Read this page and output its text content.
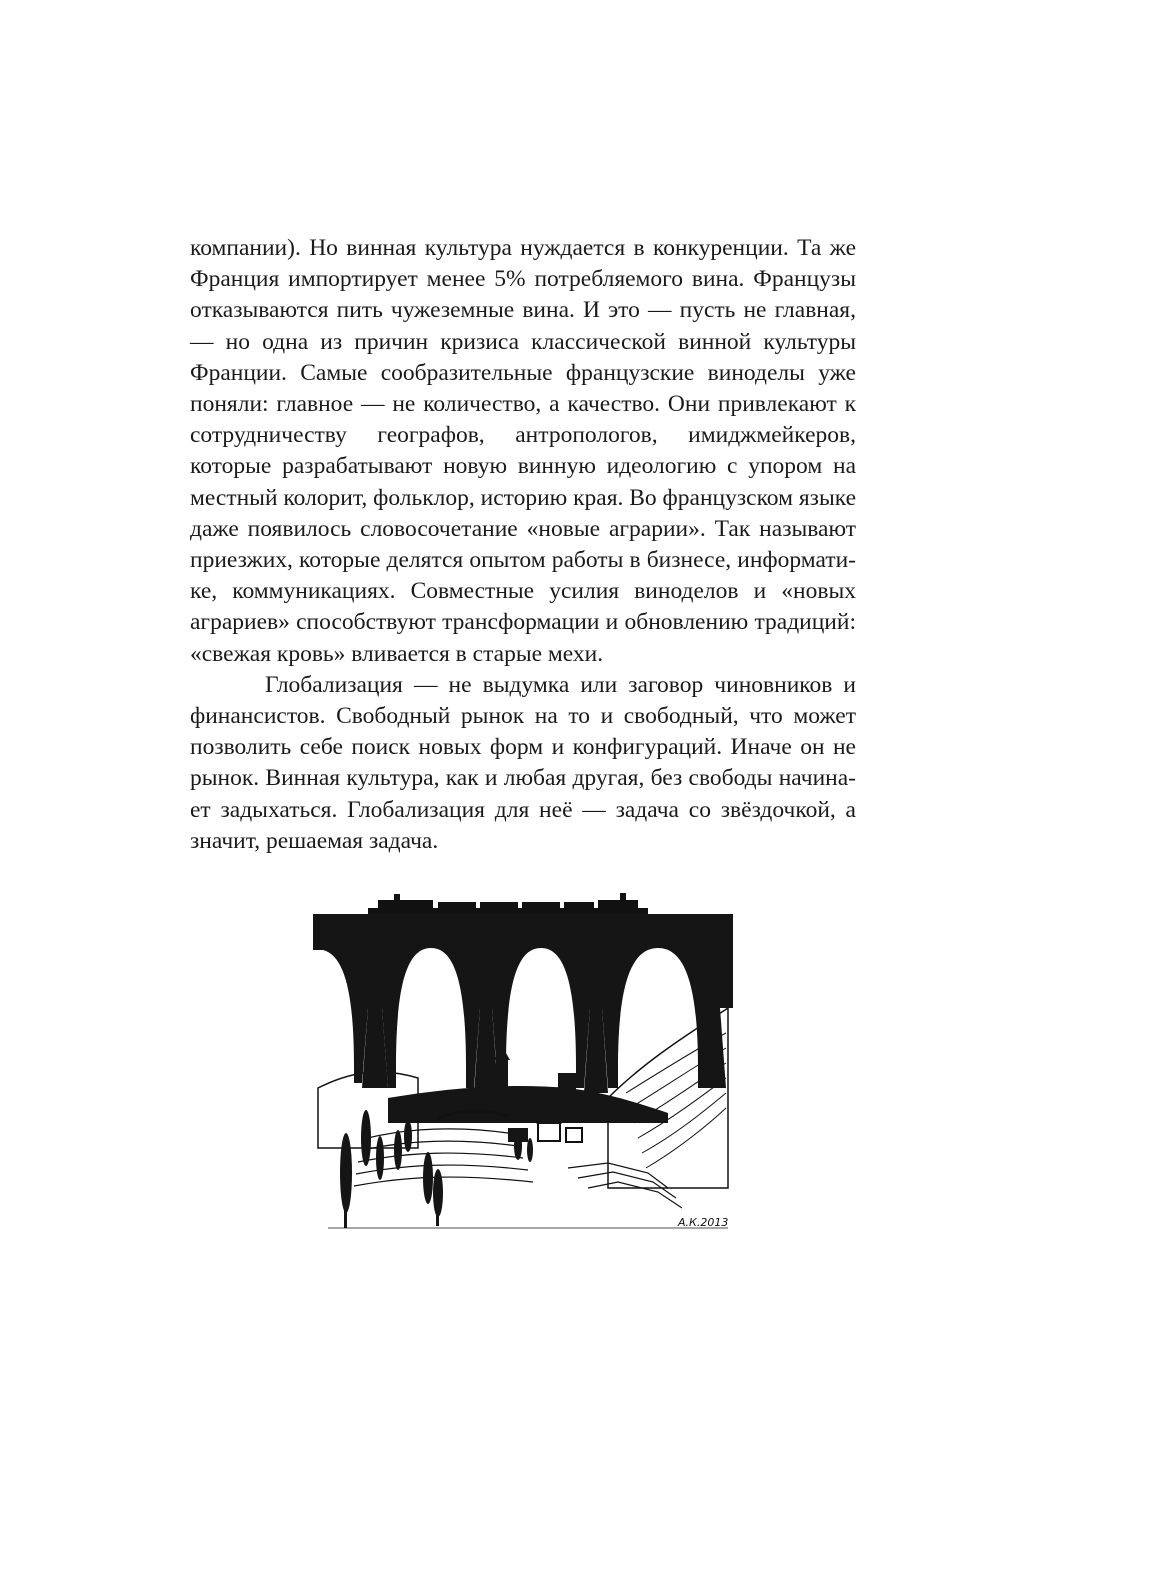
компании). Но винная культура нуждается в конкуренции. Та же Франция импортирует менее 5% потребляемого вина. Французы отказываются пить чужеземные вина. И это — пусть не главная, — но одна из причин кризиса классической винной культуры Франции. Самые сообразительные французские виноделы уже поняли: главное — не количество, а качество. Они привлекают к сотрудничеству географов, антропологов, имиджмейкеров, которые разрабатывают новую винную идеологию с упором на местный колорит, фольклор, историю края. Во французском языке даже появилось словосочетание «новые аграрии». Так называют приезжих, которые делятся опытом работы в бизнесе, информатике, коммуникациях. Совместные усилия виноделов и «новых аграриев» способствуют трансформации и обновлению традиций: «свежая кровь» вливается в старые мехи.

Глобализация — не выдумка или заговор чиновников и финансистов. Свободный рынок на то и свободный, что может позволить себе поиск новых форм и конфигураций. Иначе он не рынок. Винная культура, как и любая другая, без свободы начинает задыхаться. Глобализация для неё — задача со звёздочкой, а значит, решаемая задача.

А.К.2013
